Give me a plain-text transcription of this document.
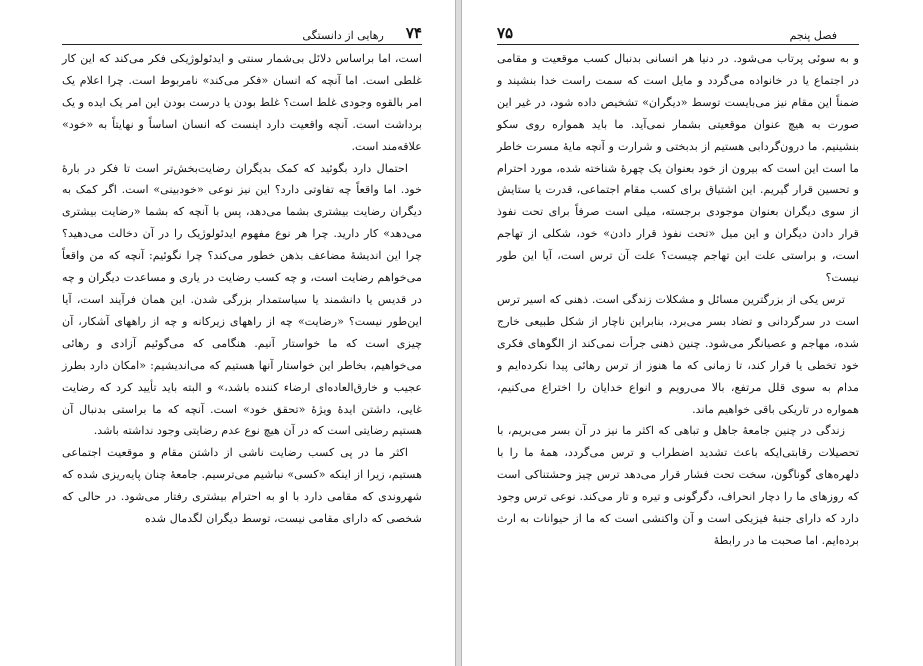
۷۴
رهایی از دانستگی

است، اما براساس دلائل بی‌شمار سنتی و ایدئولوژیکی فکر می‌کند که این کار غلطی است. اما آنچه که انسان «فکر می‌کند» نامربوط است. چرا اعلام یک امر بالقوه وجودی غلط است؟ غلط بودن یا درست بودن این امر یک ایده و یک برداشت است. آنچه واقعیت دارد اینست که انسان اساساً و نهایتاً به «خود» علاقه‌مند است.

احتمال دارد بگوئید که کمک بدیگران رضایت‌بخش‌تر است تا فکر در بارهٔ خود. اما واقعاً چه تفاوتی دارد؟ این نیز نوعی «خودبینی» است. اگر کمک به دیگران رضایت بیشتری بشما می‌دهد، پس با آنچه که بشما «رضایت بیشتری می‌دهد» کار دارید. چرا هر نوع مفهوم ایدئولوژیک را در آن دخالت می‌دهید؟ چرا این اندیشهٔ مضاعف بذهن خطور می‌کند؟ چرا نگوئیم: آنچه که من واقعاً می‌خواهم رضایت است، و چه کسب رضایت در یاری و مساعدت دیگران و چه در قدیس یا دانشمند یا سیاستمدار بزرگی شدن. این همان فرآیند است، آیا این‌طور نیست؟ «رضایت» چه از راههای زیرکانه و چه از راههای آشکار، آن چیزی است که ما خواستار آنیم. هنگامی که می‌گوئیم آزادی و رهائی می‌خواهیم، بخاطر این خواستار آنها هستیم که می‌اندیشیم: «امکان دارد بطرز عجیب و خارق‌العاده‌ای ارضاء کننده باشد،» و البته باید تأیید کرد که رضایت غایی، داشتن ایدهٔ ویژهٔ «تحقق خود» است. آنچه که ما براستی بدنبال آن هستیم رضایتی است که در آن هیچ نوع عدم رضایتی وجود نداشته باشد.

اکثر ما در پی کسب رضایت ناشی از داشتن مقام و موقعیت اجتماعی هستیم، زیرا از اینکه «کسی» نباشیم می‌ترسیم. جامعهٔ چنان پایه‌ریزی شده که شهروندی که مقامی دارد با او به احترام بیشتری رفتار می‌شود. در حالی که شخصی که دارای مقامی نیست، توسط دیگران لگدمال شده

فصل پنجم
۷۵

و به سوئی پرتاب می‌شود. در دنیا هر انسانی بدنبال کسب موقعیت و مقامی در اجتماع یا در خانواده می‌گردد و مایل است که سمت راست خدا بنشیند و ضمناً این مقام نیز می‌بایست توسط «دیگران» تشخیص داده شود، در غیر این صورت به هیچ عنوان موقعیتی بشمار نمی‌آید. ما باید همواره روی سکو بنشینیم. ما درون‌گردابی هستیم از بدبختی و شرارت و آنچه مایهٔ مسرت خاطر ما است این است که بیرون از خود بعنوان یک چهرهٔ شناخته شده، مورد احترام و تحسین قرار گیریم. این اشتیاق برای کسب مقام اجتماعی، قدرت یا ستایش از سوی دیگران بعنوان موجودی برجسته، میلی است صرفاً برای تحت نفوذ قرار دادن دیگران و این میل «تحت نفوذ قرار دادن» خود، شکلی از تهاجم است، و براستی علت این تهاجم چیست؟ علت آن ترس است، آیا این طور نیست؟

ترس یکی از بزرگترین مسائل و مشکلات زندگی است. ذهنی که اسیر ترس است در سرگردانی و تضاد بسر می‌برد، بنابراین ناچار از شکل طبیعی خارج شده، مهاجم و عصیانگر می‌شود. چنین ذهنی جرأت نمی‌کند از الگوهای فکری خود تخطی یا فرار کند، تا زمانی که ما هنوز از ترس رهائی پیدا نکرده‌ایم و مدام به سوی قلل مرتفع، بالا می‌رویم و انواع خدایان را اختراع می‌کنیم، همواره در تاریکی باقی خواهیم ماند.

زندگی در چنین جامعهٔ جاهل و تباهی که اکثر ما نیز در آن بسر می‌بریم، با تحصیلات رقابتی‌ایکه باعث تشدید اضطراب و ترس می‌گردد، همهٔ ما را با دلهره‌های گوناگون، سخت تحت فشار قرار می‌دهد ترس چیز وحشتناکی است که روزهای ما را دچار انحراف، دگرگونی و تیره و تار می‌کند. نوعی ترس وجود دارد که دارای جنبهٔ فیزیکی است و آن واکنشی است که ما از حیوانات به ارث برده‌ایم. اما صحبت ما در رابطهٔ
